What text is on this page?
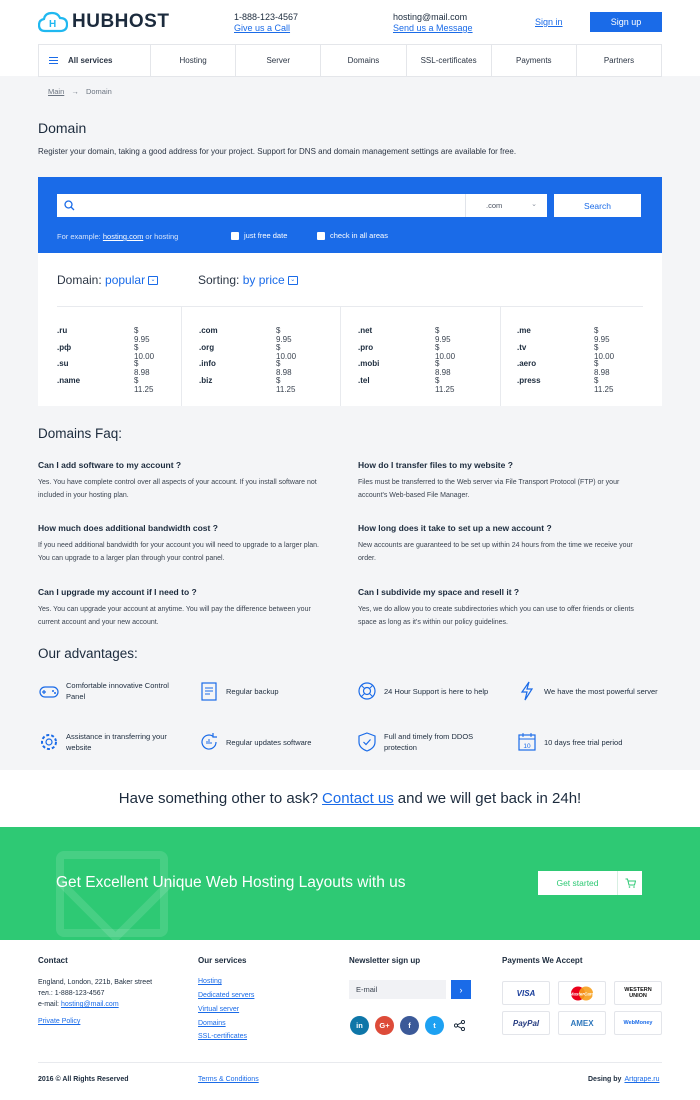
H HUBHOST	1-888-123-4567
Give us a Call
hosting@mail.com
Send us a Message
Sign in	Sign up
All services	Hosting	Server	Domains	SSL-certificates	Payments	Partners
Main → Domain
Domain

Register your domain, taking a good address for your project. Support for DNS and domain management settings are available for free.

.com	⌄	Search
For example: hosting.com or hosting	just free date	check in all areas
Domain: popular ⌄	Sorting: by price ⌄
.ru	$ 9.95
.рф	$ 10.00
.su	$ 8.98
.name	$ 11.25
.com	$ 9.95
.org	$ 10.00
.info	$ 8.98
.biz	$ 11.25
.net	$ 9.95
.pro	$ 10.00
.mobi	$ 8.98
.tel	$ 11.25
.me	$ 9.95
.tv	$ 10.00
.aero	$ 8.98
.press	$ 11.25
Domains Faq:
Can I add software to my account ?
Yes. You have complete control over all aspects of your account. If you install software not included in your hosting plan.
How do I transfer files to my website ?
Files must be transferred to the Web server via File Transport Protocol (FTP) or your account's Web-based File Manager.
How much does additional bandwidth cost ?
If you need additional bandwidth for your account you will need to upgrade to a larger plan. You can upgrade to a larger plan through your control panel.
How long does it take to set up a new account ?
New accounts are guaranteed to be set up within 24 hours from the time we receive your order.
Can I upgrade my account if I need to ?
Yes. You can upgrade your account at anytime. You will pay the difference between your current account and your new account.
Can I subdivide my space and resell it ?
Yes, we do allow you to create subdirectories which you can use to offer friends or clients space as long as it's within our policy guidelines.
Our advantages:
Comfortable innovative Control Panel
Regular backup	24 Hour Support is here to help	We have the most powerful server
Assistance in transferring your website
Regular updates software
Full and timely from DDOS protection	10 10 days free trial period
Have something other to ask? Contact us and we will get back in 24h!
Get Excellent Unique Web Hosting Layouts with us	Get started
Contact
England, London, 221b, Baker street
тел.: 1-888-123-4567
e-mail: hosting@mail.com
Private Policy
Our services
Hosting
Dedicated servers
Virtual server
Domains
SSL-certificates
Newsletter sign up
E-mail	›
in	G+	f	t
Payments We Accept
VISA	MasterCard
WESTERN UNION
PayPal	AMEX	WebMoney
2016 © All Rights Reserved	Terms & Conditions	Desing by Artgrape.ru
